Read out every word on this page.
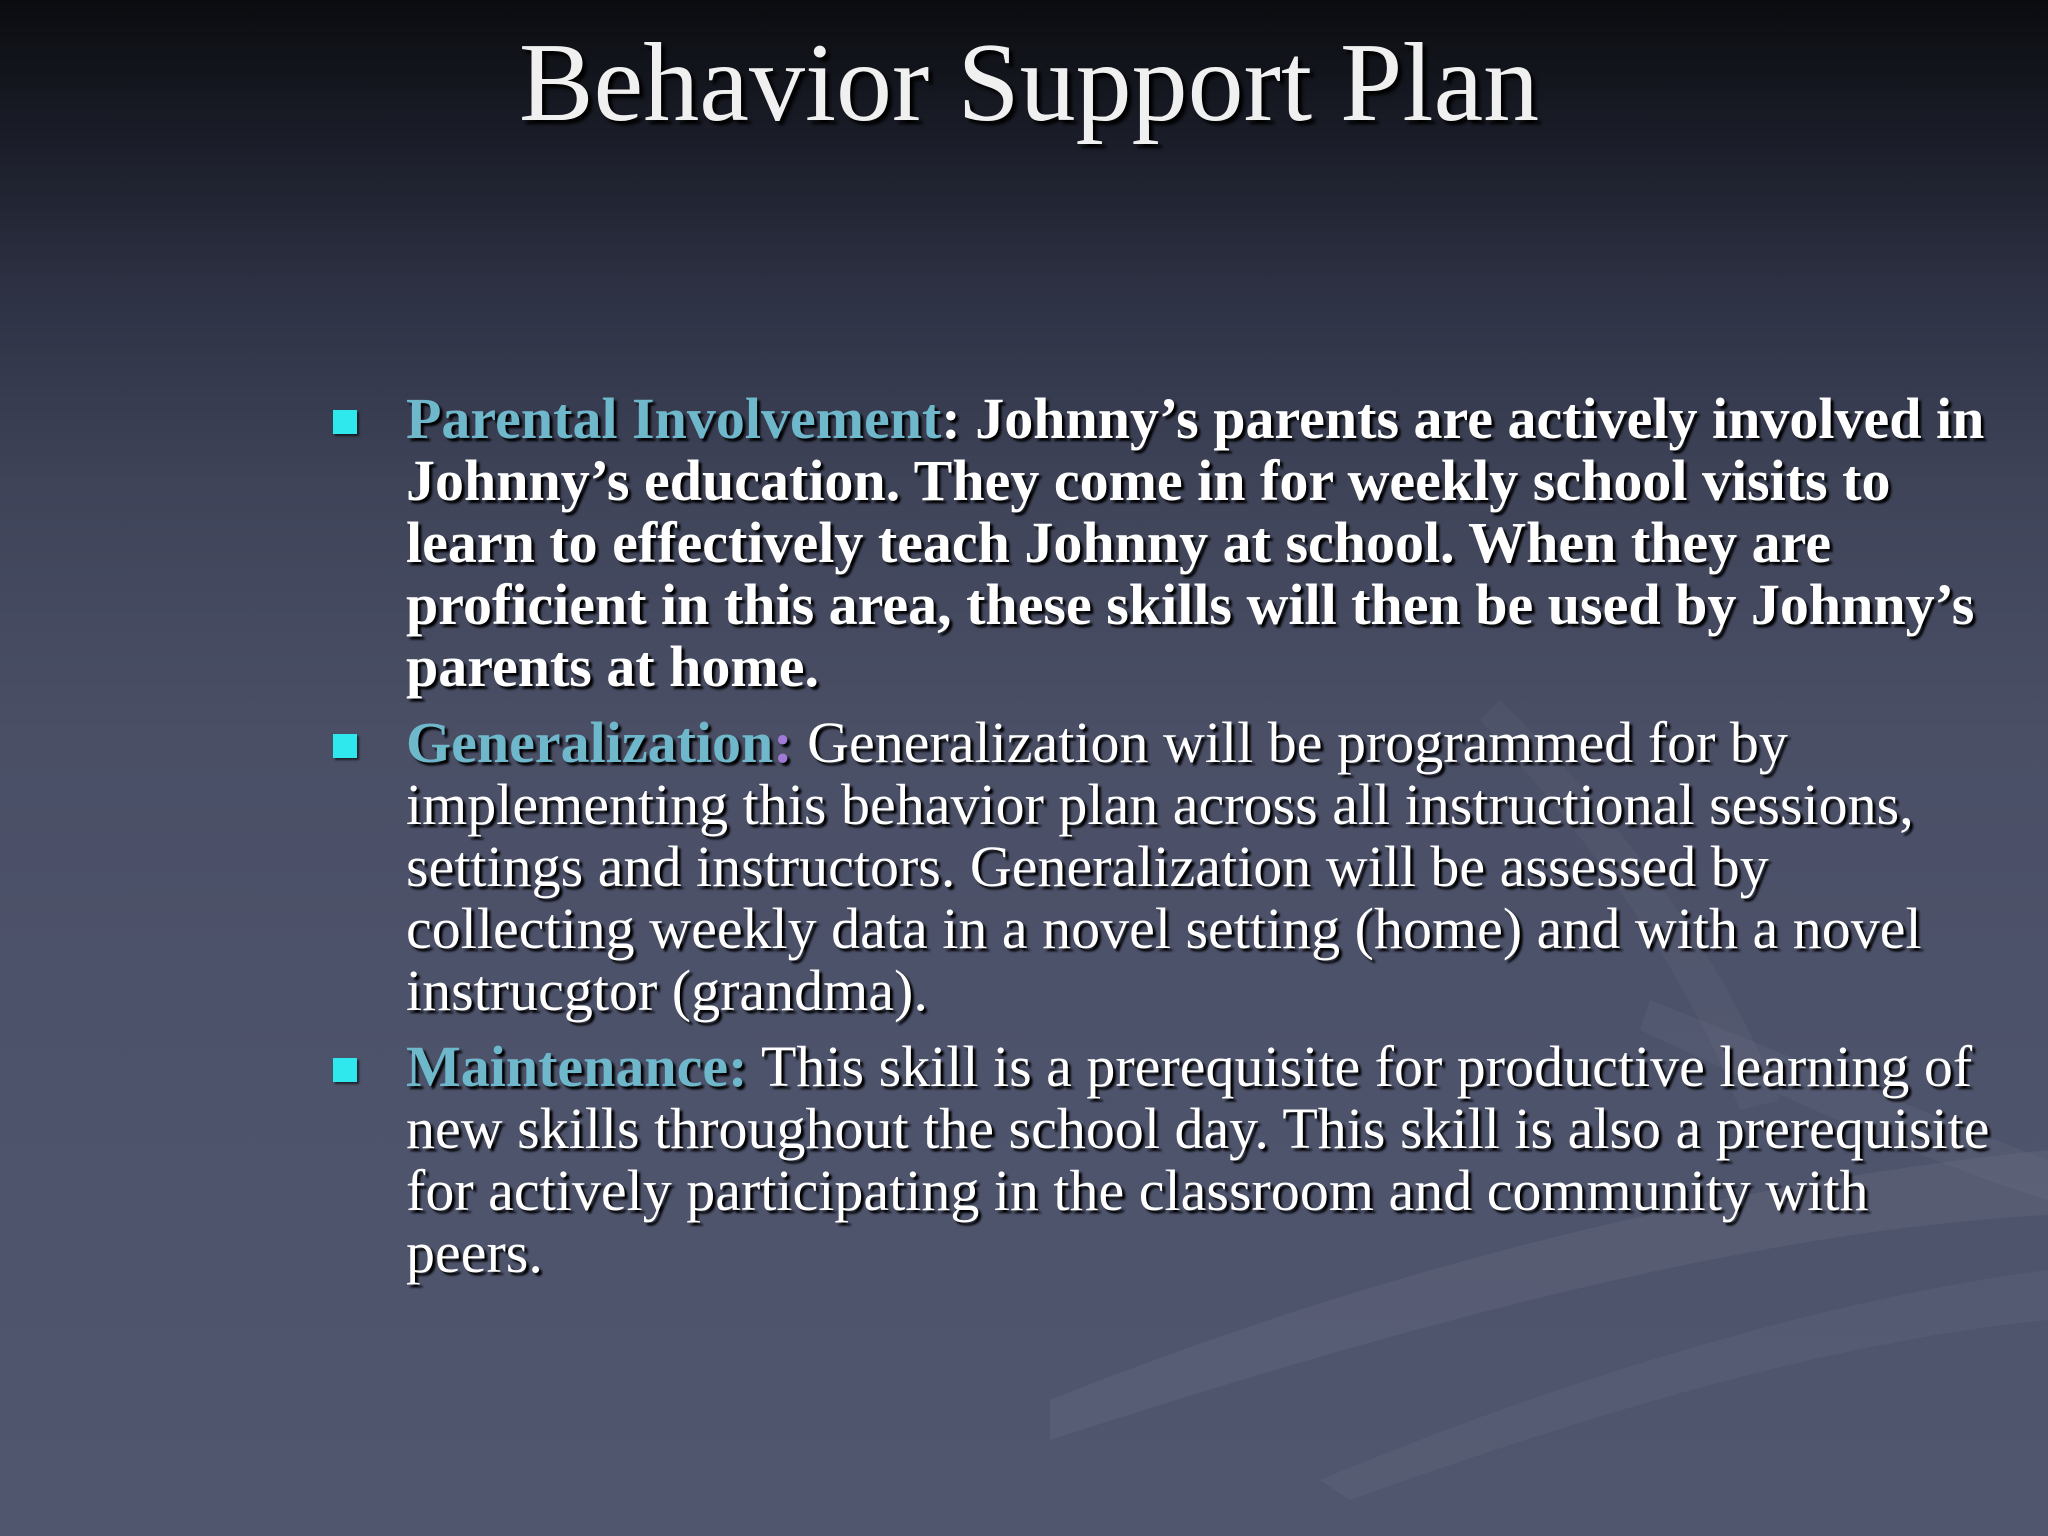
Behavior Support Plan
Parental Involvement: Johnny’s parents are actively involved in Johnny’s education. They come in for weekly school visits to learn to effectively teach Johnny at school. When they are proficient in this area, these skills will then be used by Johnny’s parents at home.
Generalization: Generalization will be programmed for by implementing this behavior plan across all instructional sessions, settings and instructors. Generalization will be assessed by collecting weekly data in a novel setting (home) and with a novel instrucgtor (grandma).
Maintenance: This skill is a prerequisite for productive learning of new skills throughout the school day. This skill is also a prerequisite for actively participating in the classroom and community with peers.
